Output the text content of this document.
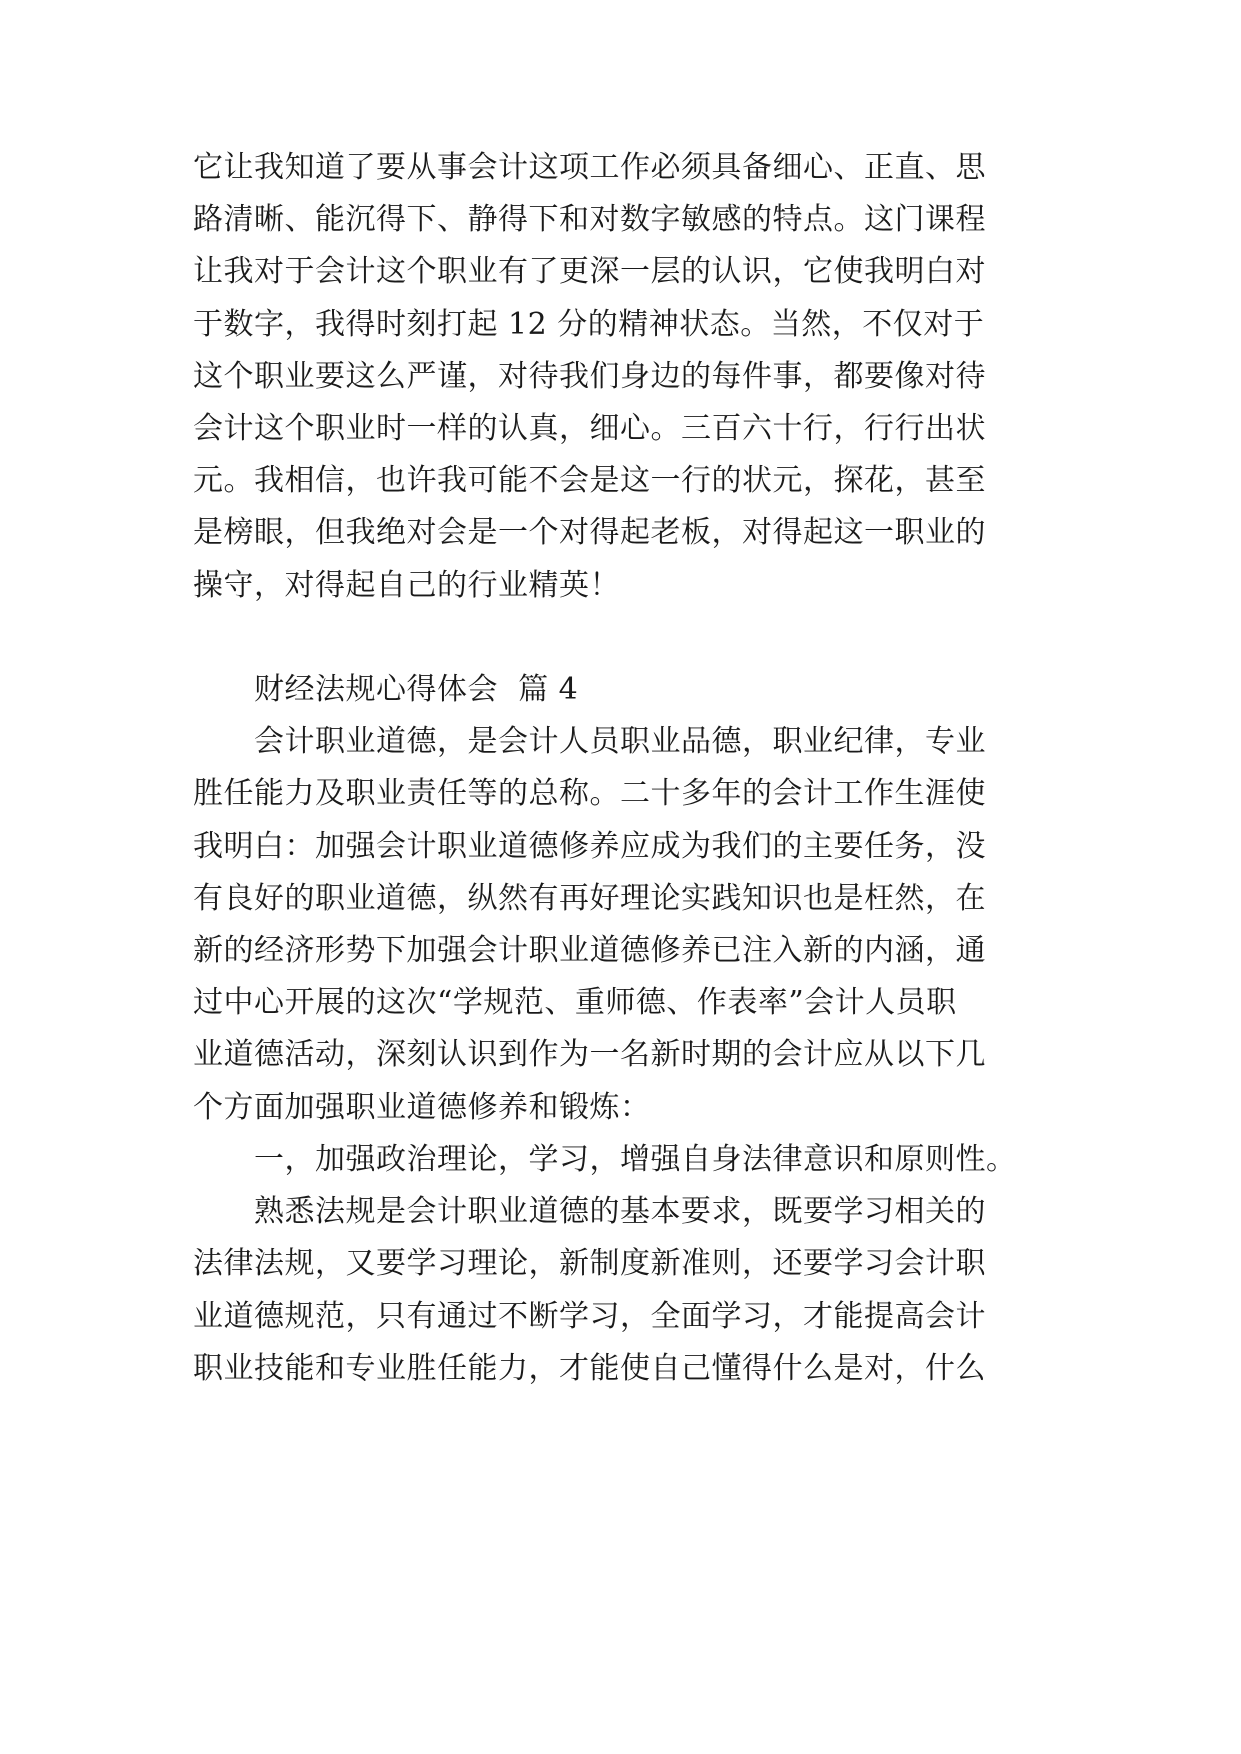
它让我知道了要从事会计这项工作必须具备细心、正直、思
路清晰、能沉得下、静得下和对数字敏感的特点。这门课程
让我对于会计这个职业有了更深一层的认识，它使我明白对
于数字，我得时刻打起 12 分的精神状态。当然，不仅对于
这个职业要这么严谨，对待我们身边的每件事，都要像对待
会计这个职业时一样的认真，细心。三百六十行，行行出状
元。我相信，也许我可能不会是这一行的状元，探花，甚至
是榜眼，但我绝对会是一个对得起老板，对得起这一职业的
操守，对得起自己的行业精英！
财经法规心得体会  篇 4
会计职业道德，是会计人员职业品德，职业纪律，专业
胜任能力及职业责任等的总称。二十多年的会计工作生涯使
我明白：加强会计职业道德修养应成为我们的主要任务，没
有良好的职业道德，纵然有再好理论实践知识也是枉然，在
新的经济形势下加强会计职业道德修养已注入新的内涵，通
过中心开展的这次“学规范、重师德、作表率”会计人员职
业道德活动，深刻认识到作为一名新时期的会计应从以下几
个方面加强职业道德修养和锻炼：
一，加强政治理论，学习，增强自身法律意识和原则性。
熟悉法规是会计职业道德的基本要求，既要学习相关的
法律法规，又要学习理论，新制度新准则，还要学习会计职
业道德规范，只有通过不断学习，全面学习，才能提高会计
职业技能和专业胜任能力，才能使自己懂得什么是对，什么
